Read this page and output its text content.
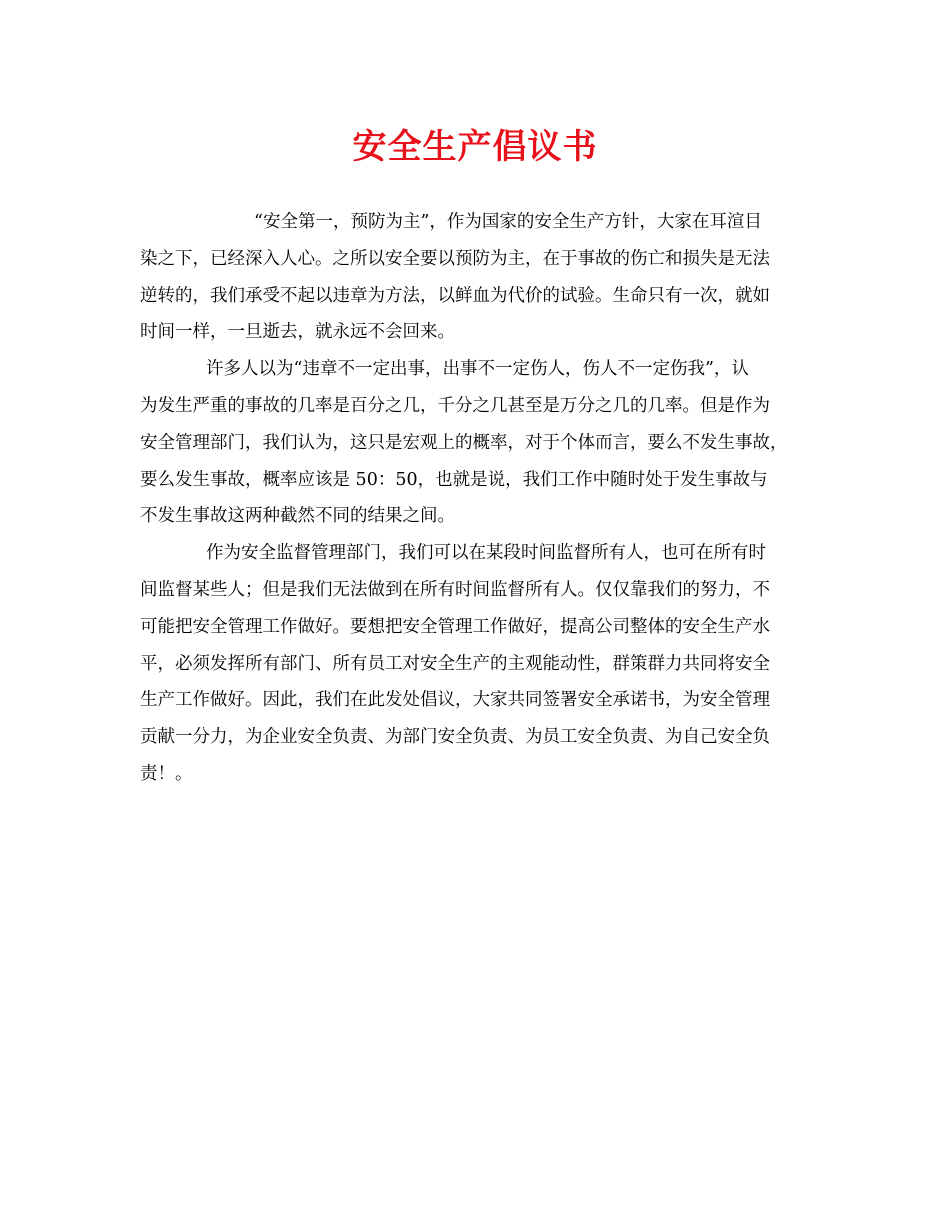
安全生产倡议书
“安全第一，预防为主”，作为国家的安全生产方针，大家在耳渲目
染之下，已经深入人心。之所以安全要以预防为主，在于事故的伤亡和损失是无法
逆转的，我们承受不起以违章为方法，以鲜血为代价的试验。生命只有一次，就如
时间一样，一旦逝去，就永远不会回来。
许多人以为“违章不一定出事，出事不一定伤人，伤人不一定伤我”，认
为发生严重的事故的几率是百分之几，千分之几甚至是万分之几的几率。但是作为
安全管理部门，我们认为，这只是宏观上的概率，对于个体而言，要么不发生事故，
要么发生事故，概率应该是 50：50，也就是说，我们工作中随时处于发生事故与
不发生事故这两种截然不同的结果之间。
作为安全监督管理部门，我们可以在某段时间监督所有人，也可在所有时
间监督某些人；但是我们无法做到在所有时间监督所有人。仅仅靠我们的努力，不
可能把安全管理工作做好。要想把安全管理工作做好，提高公司整体的安全生产水
平，必须发挥所有部门、所有员工对安全生产的主观能动性，群策群力共同将安全
生产工作做好。因此，我们在此发处倡议，大家共同签署安全承诺书，为安全管理
贡献一分力，为企业安全负责、为部门安全负责、为员工安全负责、为自己安全负
责！。
